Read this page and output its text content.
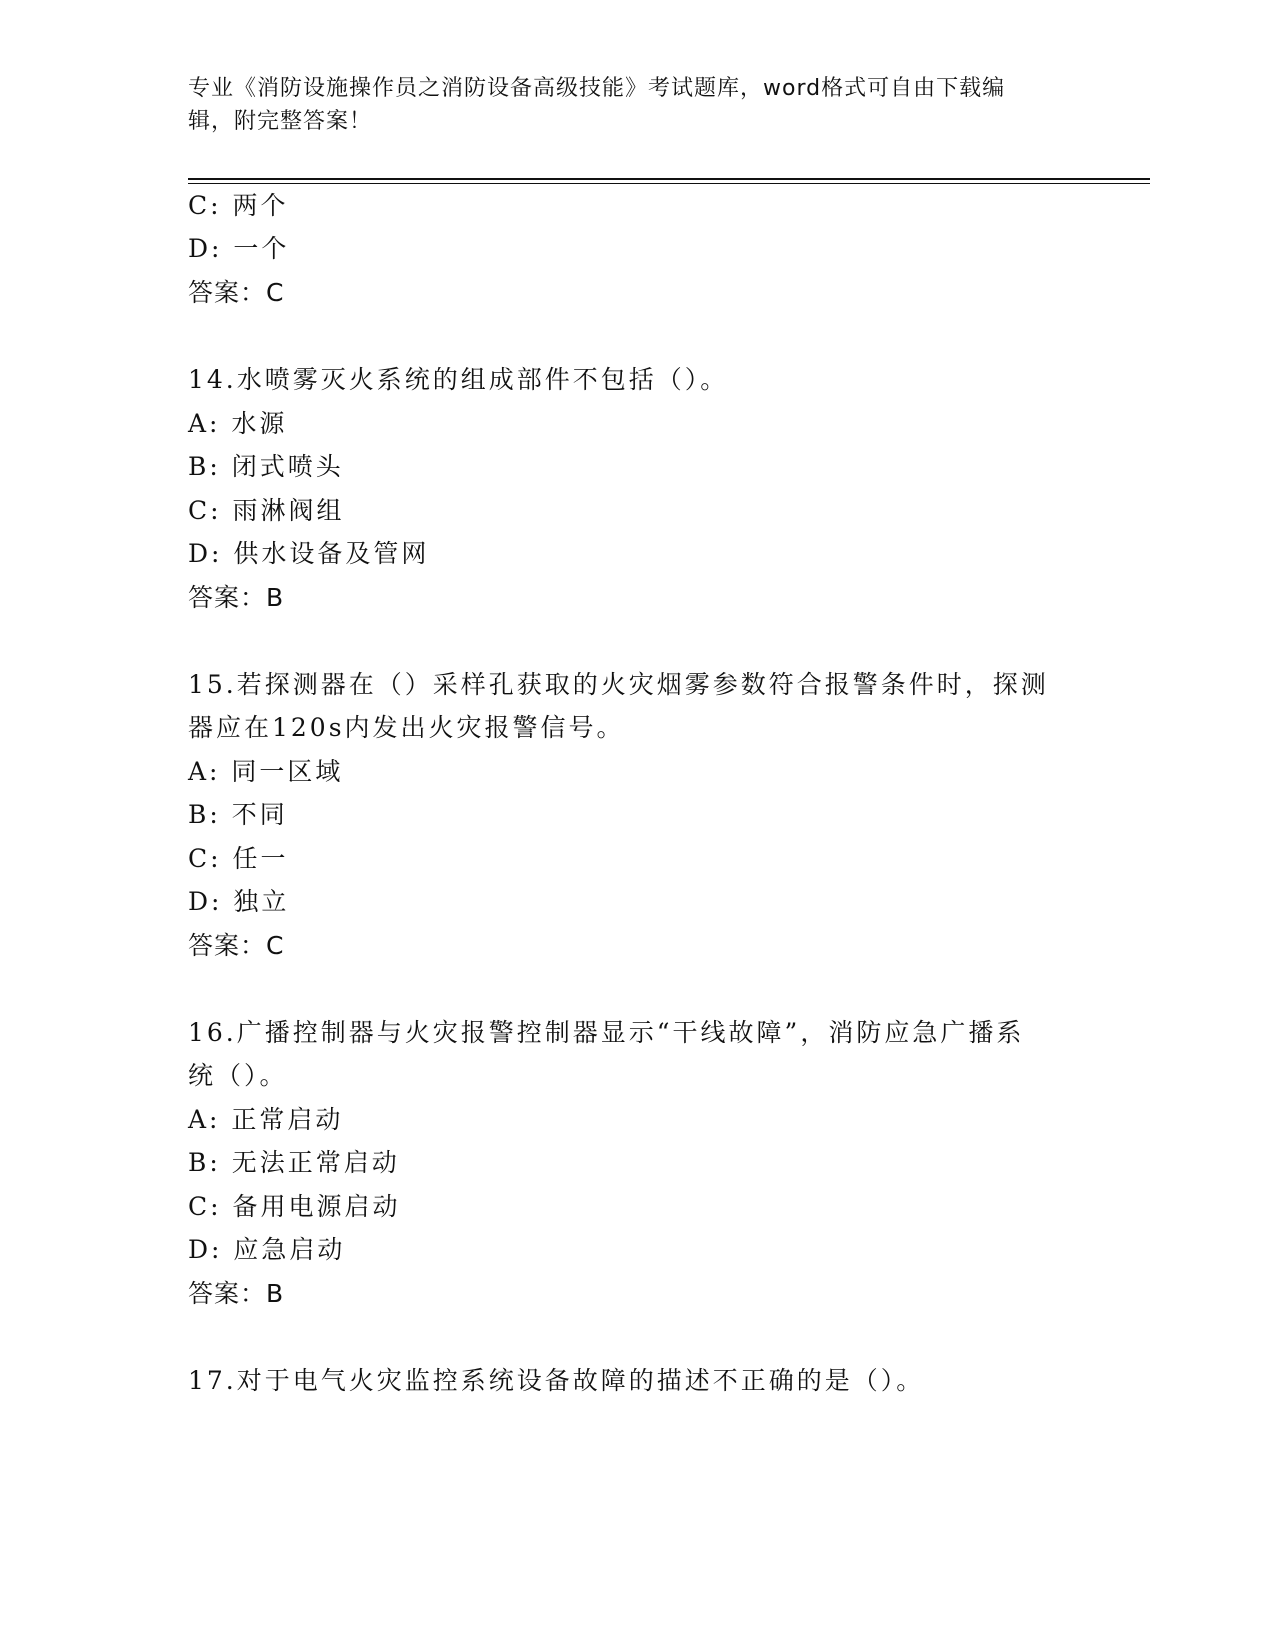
专业《消防设施操作员之消防设备高级技能》考试题库，word格式可自由下载编
辑，附完整答案！
C: 两个
D: 一个
答案：C
14.水喷雾灭火系统的组成部件不包括（）。
A: 水源
B: 闭式喷头
C: 雨淋阀组
D: 供水设备及管网
答案：B
15.若探测器在（）采样孔获取的火灾烟雾参数符合报警条件时，探测
器应在120s内发出火灾报警信号。
A: 同一区域
B: 不同
C: 任一
D: 独立
答案：C
16.广播控制器与火灾报警控制器显示“干线故障”，消防应急广播系
统（）。
A: 正常启动
B: 无法正常启动
C: 备用电源启动
D: 应急启动
答案：B
17.对于电气火灾监控系统设备故障的描述不正确的是（）。
